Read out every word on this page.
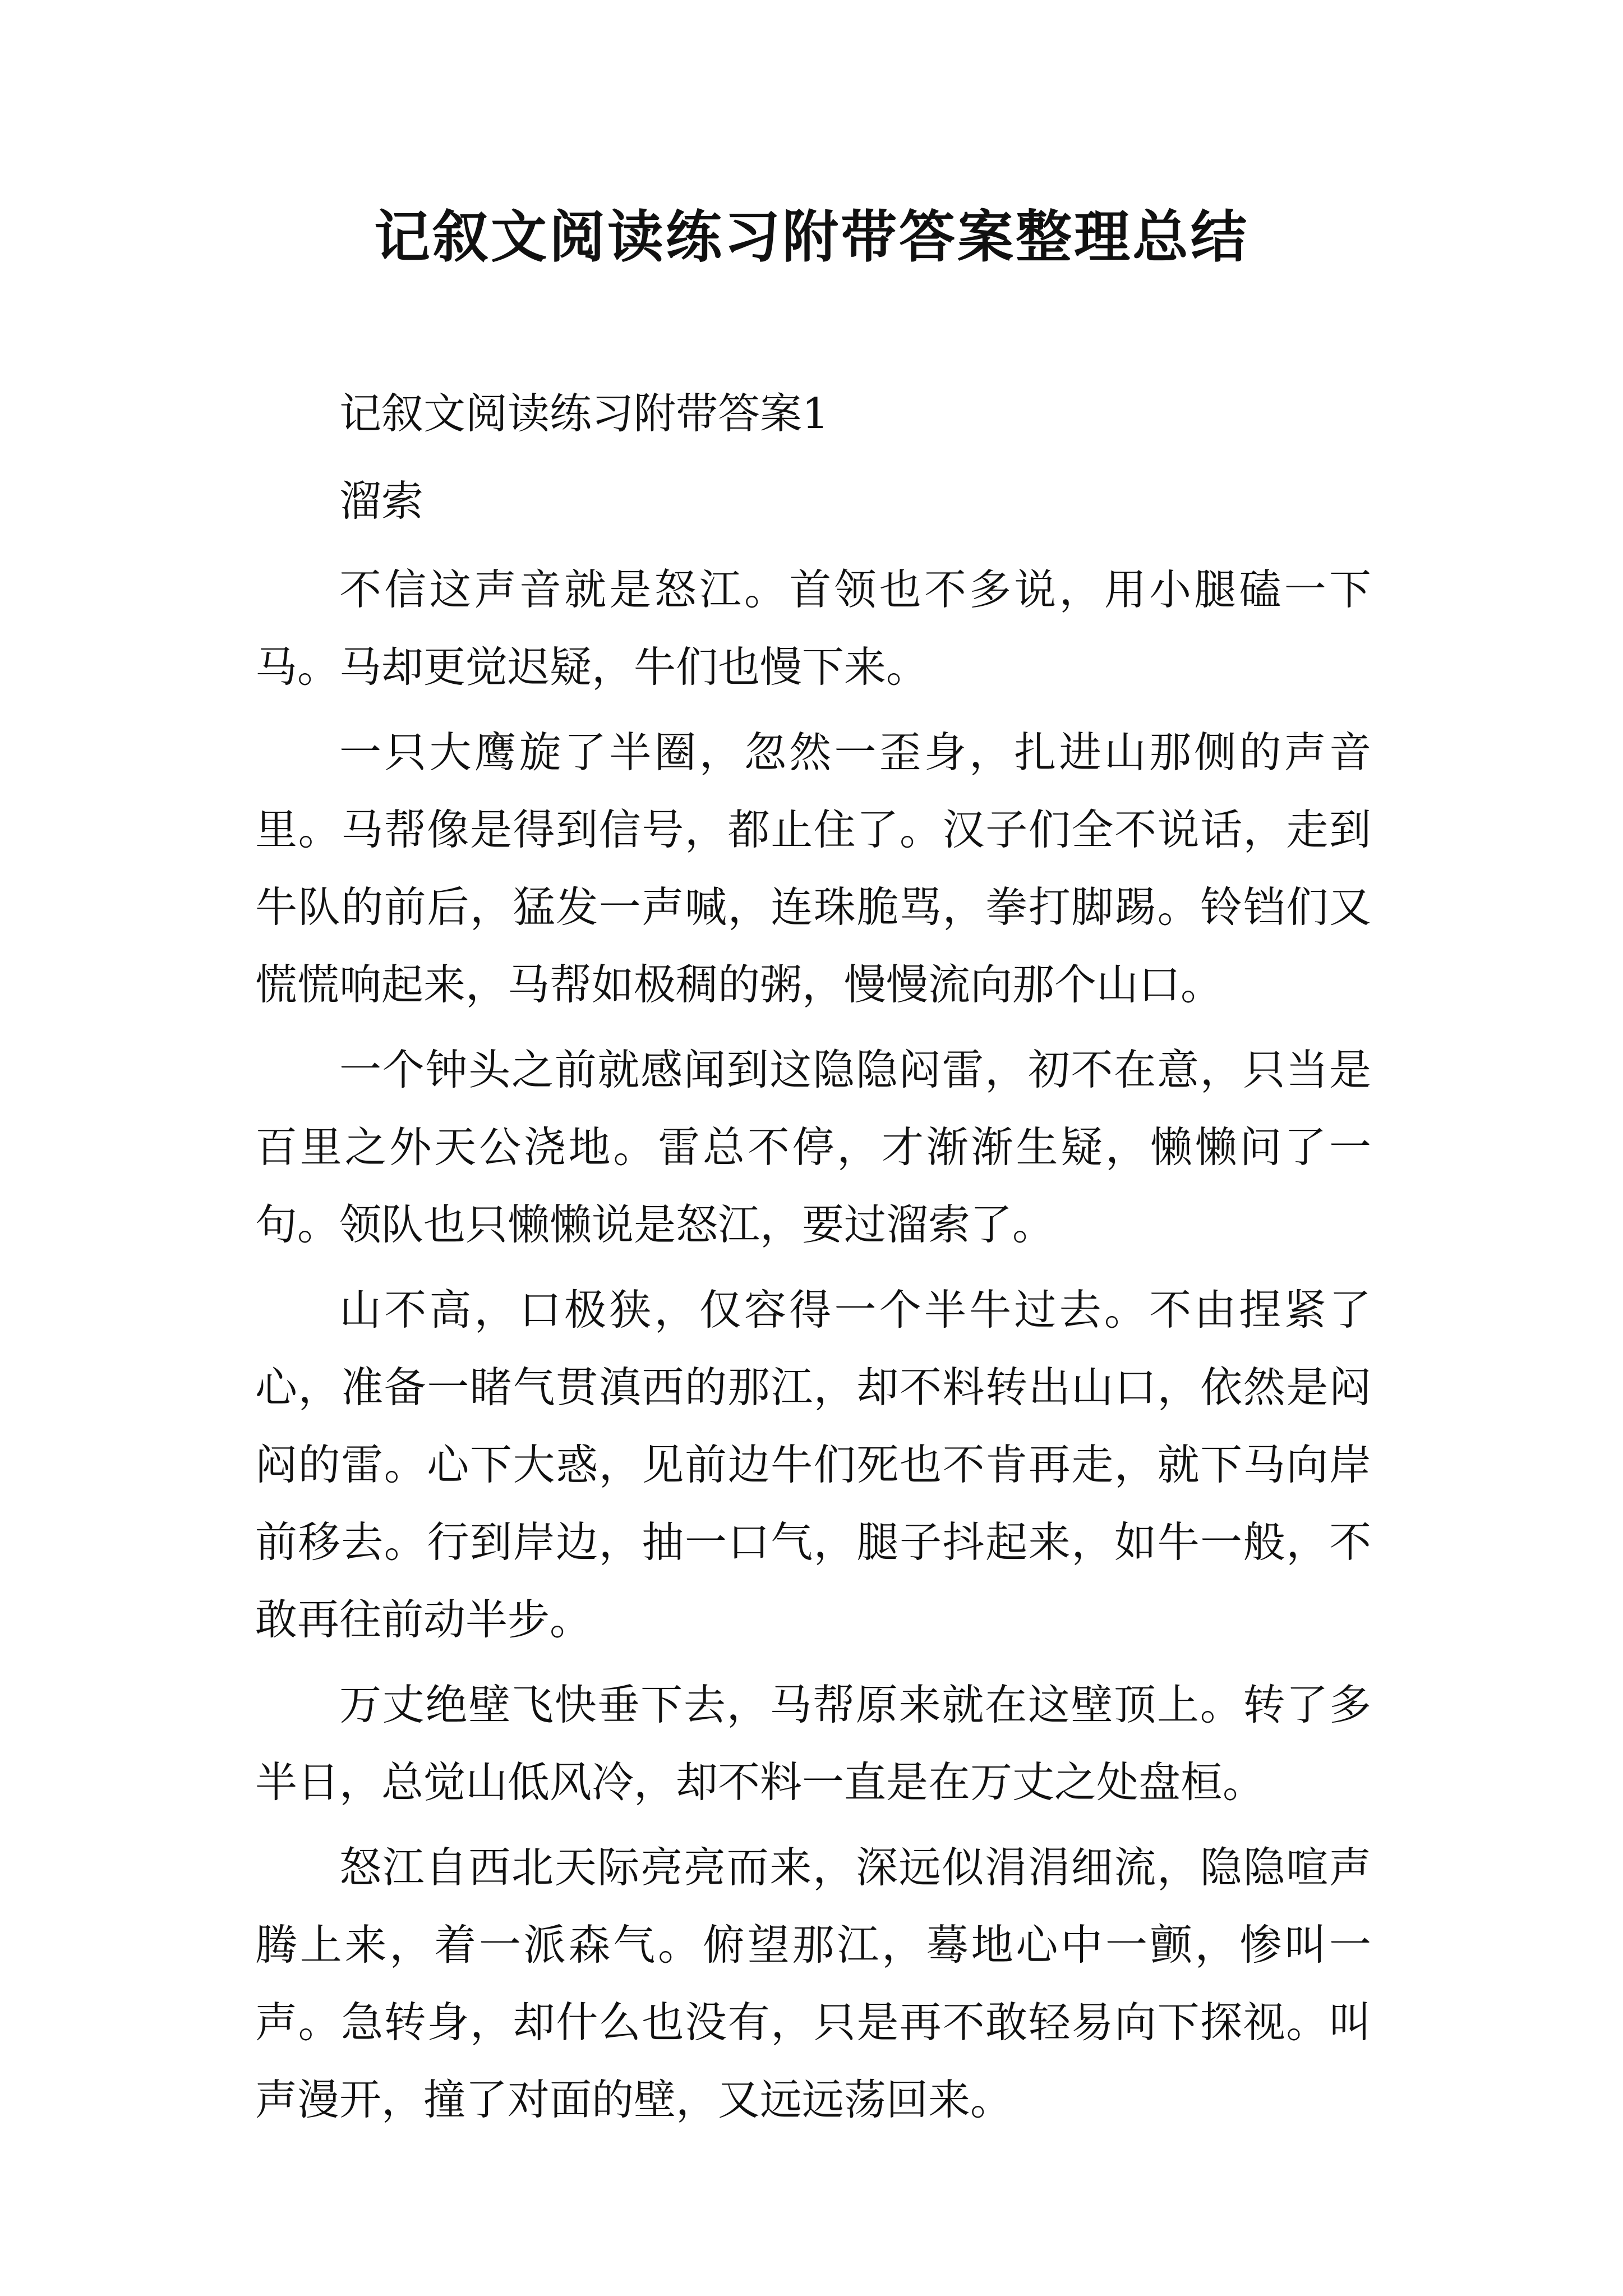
记叙文阅读练习附带答案整理总结

记叙文阅读练习附带答案1

溜索

不信这声音就是怒江。首领也不多说，用小腿磕一下马。马却更觉迟疑，牛们也慢下来。

一只大鹰旋了半圈，忽然一歪身，扎进山那侧的声音里。马帮像是得到信号，都止住了。汉子们全不说话，走到牛队的前后，猛发一声喊，连珠脆骂，拳打脚踢。铃铛们又慌慌响起来，马帮如极稠的粥，慢慢流向那个山口。

一个钟头之前就感闻到这隐隐闷雷，初不在意，只当是百里之外天公浇地。雷总不停，才渐渐生疑，懒懒问了一句。领队也只懒懒说是怒江，要过溜索了。

山不高，口极狭，仅容得一个半牛过去。不由捏紧了心，准备一睹气贯滇西的那江，却不料转出山口，依然是闷闷的雷。心下大惑，见前边牛们死也不肯再走，就下马向岸前移去。行到岸边，抽一口气，腿子抖起来，如牛一般，不敢再往前动半步。

万丈绝壁飞快垂下去，马帮原来就在这壁顶上。转了多半日，总觉山低风冷，却不料一直是在万丈之处盘桓。

怒江自西北天际亮亮而来，深远似涓涓细流，隐隐喧声腾上来，着一派森气。俯望那江，蓦地心中一颤，惨叫一声。急转身，却什么也没有，只是再不敢轻易向下探视。叫声漫开，撞了对面的壁，又远远荡回来。
